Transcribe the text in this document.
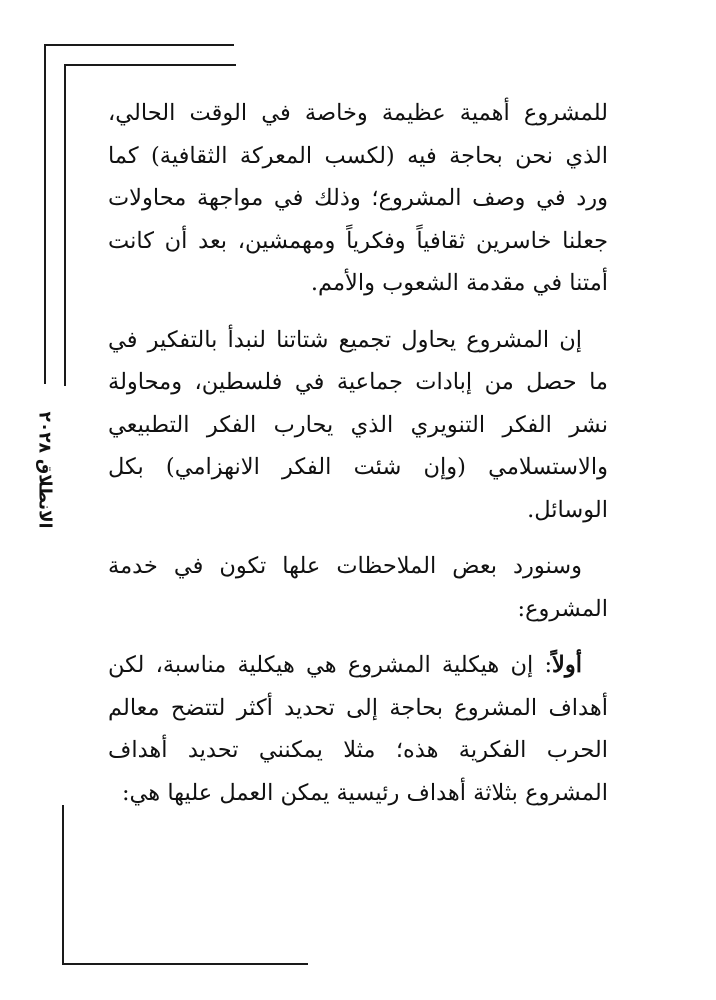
الانطلاق ٢٠٢٨

للمشروع أهمية عظيمة وخاصة في الوقت الحالي، الذي نحن بحاجة فيه (لكسب المعركة الثقافية) كما ورد في وصف المشروع؛ وذلك في مواجهة محاولات جعلنا خاسرين ثقافياً وفكرياً ومهمشين، بعد أن كانت أمتنا في مقدمة الشعوب والأمم.

إن المشروع يحاول تجميع شتاتنا لنبدأ بالتفكير في ما حصل من إبادات جماعية في فلسطين، ومحاولة نشر الفكر التنويري الذي يحارب الفكر التطبيعي والاستسلامي (وإن شئت الفكر الانهزامي) بكل الوسائل.

وسنورد بعض الملاحظات علها تكون في خدمة المشروع:

أولاً: إن هيكلية المشروع هي هيكلية مناسبة، لكن أهداف المشروع بحاجة إلى تحديد أكثر لتتضح معالم الحرب الفكرية هذه؛ مثلا يمكنني تحديد أهداف المشروع بثلاثة أهداف رئيسية يمكن العمل عليها هي:
